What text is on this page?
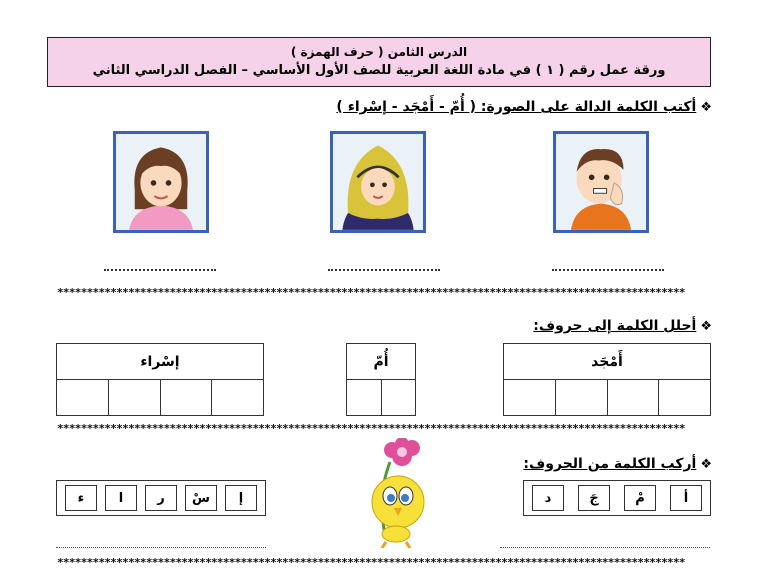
الدرس الثامن ( حرف الهمزة )
ورقة عمل رقم ( ١ ) في مادة اللغة العربية للصف الأول الأساسي – الفصل الدراسي الثاني
❖أكتب الكلمة الدالة على الصورة: ( أُمّ - أَمْجَد - إسْراء )
**********************************************************************************************************
❖أحلل الكلمة إلى حروف:
إسْراء
				أُمّ
		أَمْجَد

**********************************************************************************************************
❖أركب الكلمة من الحروف:
إ
سْ
ر
ا
ء	أ
مْ
جَ
د
**********************************************************************************************************
